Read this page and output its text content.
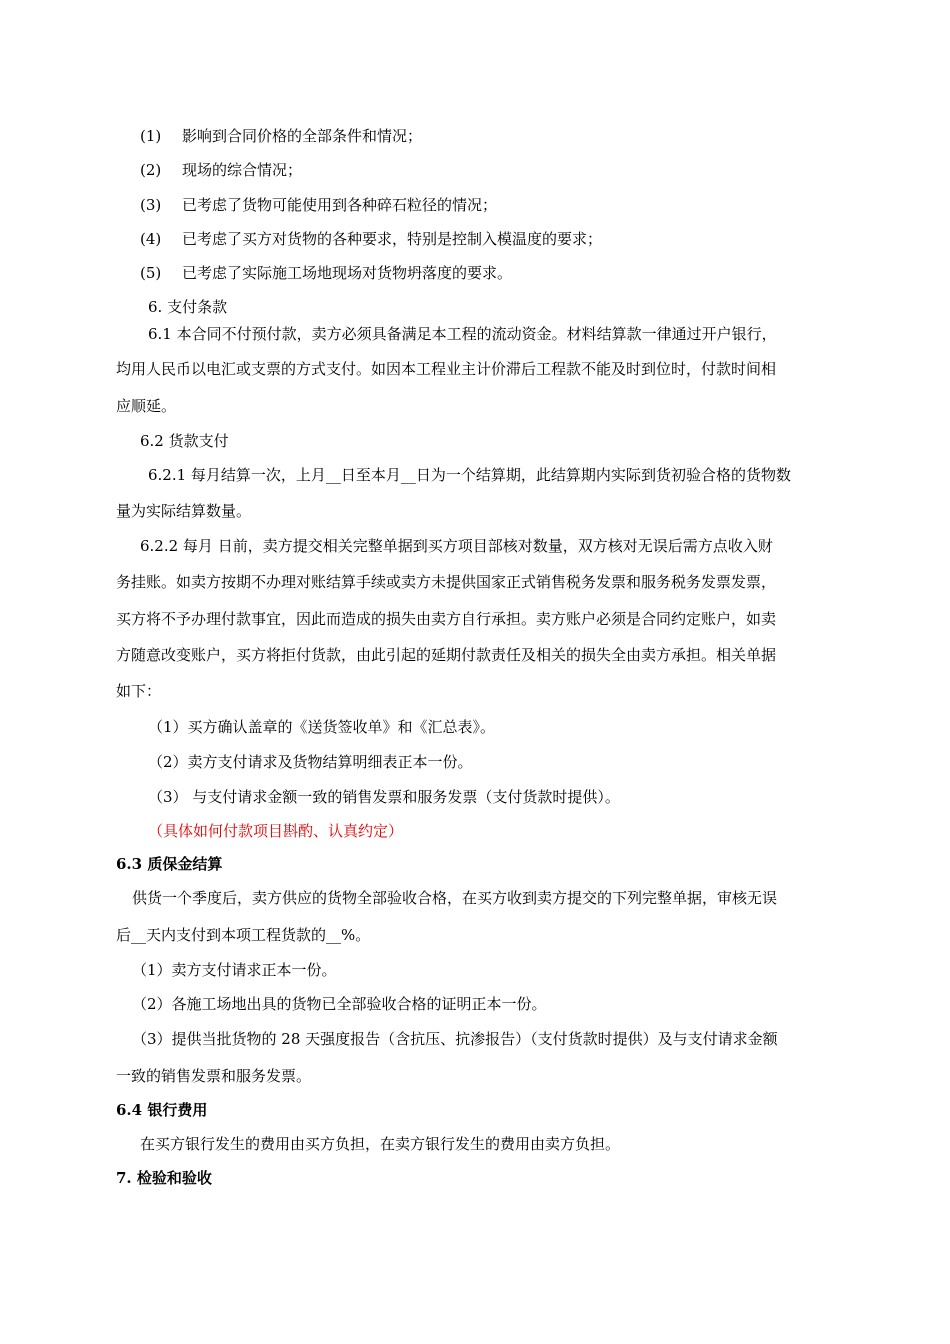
(1) 影响到合同价格的全部条件和情况；
(2) 现场的综合情况；
(3) 已考虑了货物可能使用到各种碎石粒径的情况；
(4) 已考虑了买方对货物的各种要求，特别是控制入模温度的要求；
(5) 已考虑了实际施工场地现场对货物坍落度的要求。
6. 支付条款
6.1 本合同不付预付款，卖方必须具备满足本工程的流动资金。材料结算款一律通过开户银行，
均用人民币以电汇或支票的方式支付。如因本工程业主计价滞后工程款不能及时到位时，付款时间相
应顺延。
6.2 货款支付
6.2.1 每月结算一次，上月__日至本月__日为一个结算期，此结算期内实际到货初验合格的货物数
量为实际结算数量。
6.2.2 每月 日前，卖方提交相关完整单据到买方项目部核对数量，双方核对无误后需方点收入财
务挂账。如卖方按期不办理对账结算手续或卖方未提供国家正式销售税务发票和服务税务发票发票，
买方将不予办理付款事宜，因此而造成的损失由卖方自行承担。卖方账户必须是合同约定账户，如卖
方随意改变账户，买方将拒付货款，由此引起的延期付款责任及相关的损失全由卖方承担。相关单据
如下：
（1）买方确认盖章的《送货签收单》和《汇总表》。
（2）卖方支付请求及货物结算明细表正本一份。
（3） 与支付请求金额一致的销售发票和服务发票（支付货款时提供）。
（具体如何付款项目斟酌、认真约定）
6.3 质保金结算
供货一个季度后，卖方供应的货物全部验收合格，在买方收到卖方提交的下列完整单据，审核无误
后__天内支付到本项工程货款的__%。
（1）卖方支付请求正本一份。
（2）各施工场地出具的货物已全部验收合格的证明正本一份。
（3）提供当批货物的 28 天强度报告（含抗压、抗渗报告）（支付货款时提供）及与支付请求金额
一致的销售发票和服务发票。
6.4 银行费用
在买方银行发生的费用由买方负担，在卖方银行发生的费用由卖方负担。
7. 检验和验收
